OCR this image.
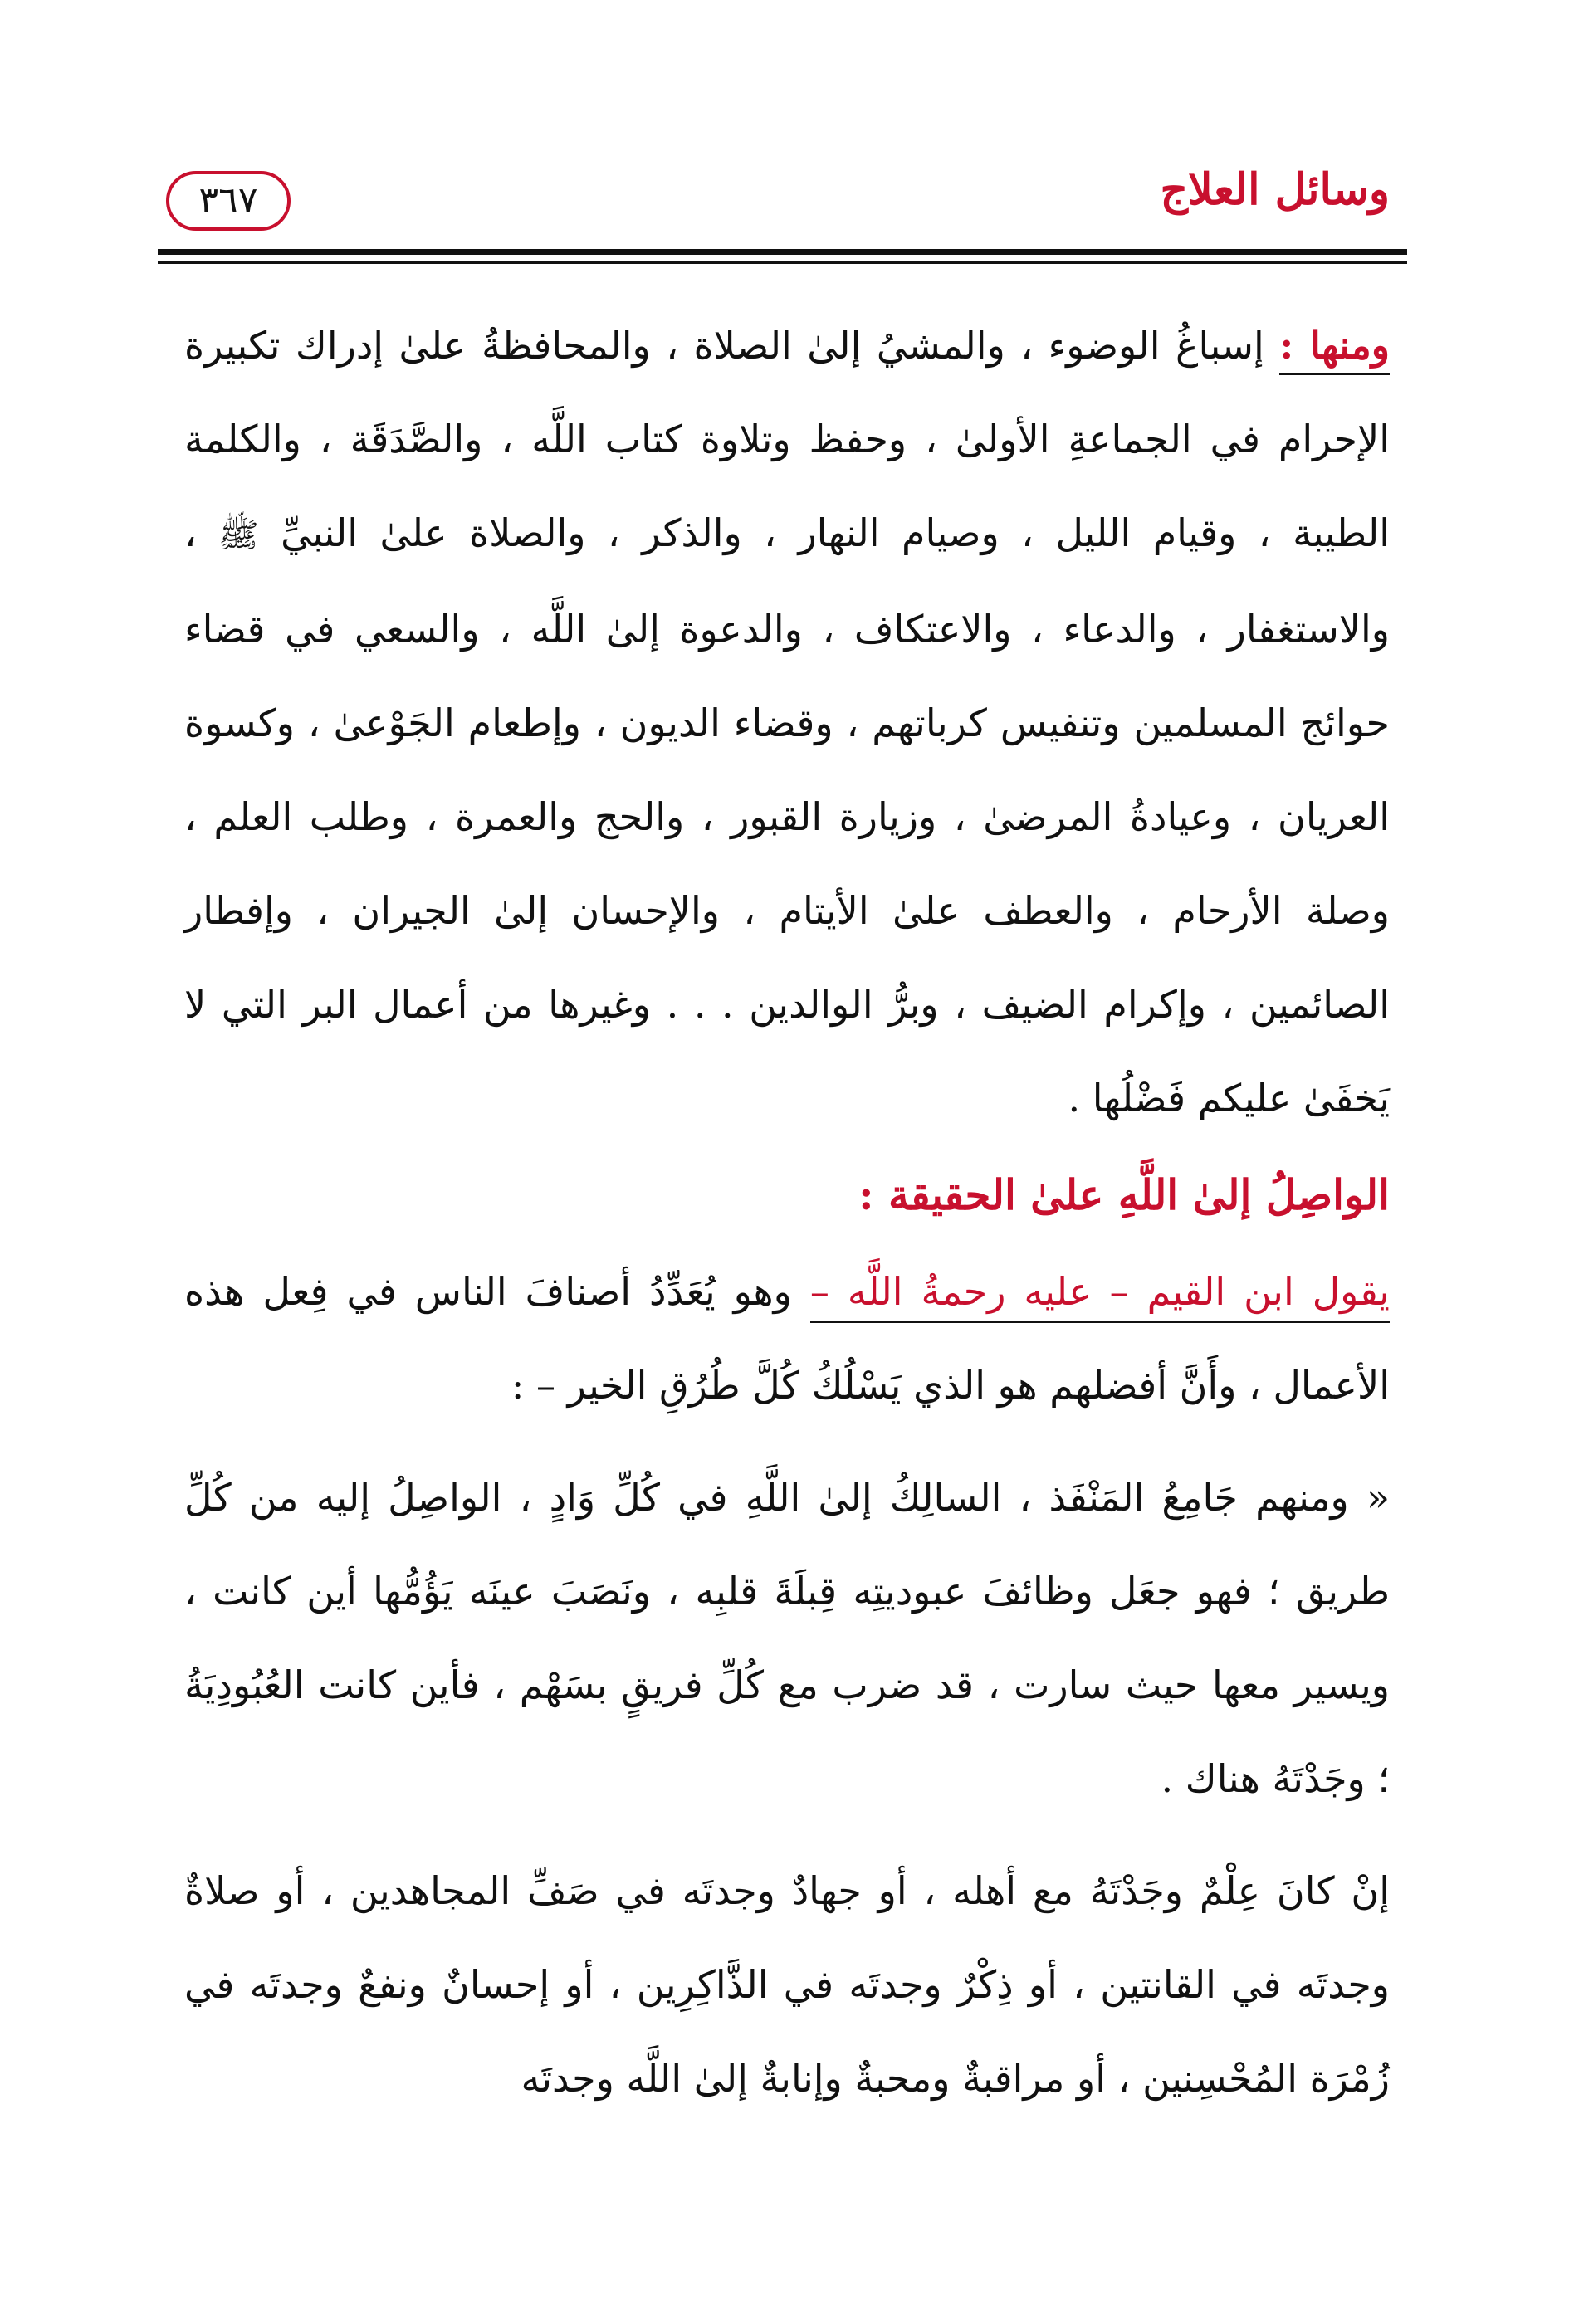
وسائل العلاج
٣٦٧

ومنها : إسباغُ الوضوء ، والمشيُ إلىٰ الصلاة ، والمحافظةُ علىٰ إدراك تكبيرة الإحرام في الجماعةِ الأولىٰ ، وحفظ وتلاوة كتاب اللَّه ، والصَّدَقَة ، والكلمة الطيبة ، وقيام الليل ، وصيام النهار ، والذكر ، والصلاة علىٰ النبيِّ ﷺ ، والاستغفار ، والدعاء ، والاعتكاف ، والدعوة إلىٰ اللَّه ، والسعي في قضاء حوائج المسلمين وتنفيس كرباتهم ، وقضاء الديون ، وإطعام الجَوْعىٰ ، وكسوة العريان ، وعيادةُ المرضىٰ ، وزيارة القبور ، والحج والعمرة ، وطلب العلم ، وصلة الأرحام ، والعطف علىٰ الأيتام ، والإحسان إلىٰ الجيران ، وإفطار الصائمين ، وإكرام الضيف ، وبرُّ الوالدين . . . وغيرها من أعمال البر التي لا يَخفَىٰ عليكم فَضْلُها .

الواصِلُ إلىٰ اللَّهِ علىٰ الحقيقة :

يقول ابن القيم – عليه رحمةُ اللَّه – وهو يُعَدِّدُ أصنافَ الناس في فِعل هذه الأعمال ، وأَنَّ أفضلهم هو الذي يَسْلُكُ كُلَّ طُرُقِ الخير – :

« ومنهم جَامِعُ المَنْفَذ ، السالِكُ إلىٰ اللَّهِ في كُلِّ وَادٍ ، الواصِلُ إليه من كُلِّ طريق ؛ فهو جعَل وظائفَ عبوديتِه قِبلَةَ قلبِه ، ونَصَبَ عينَه يَؤُمُّها أين كانت ، ويسير معها حيث سارت ، قد ضرب مع كُلِّ فريقٍ بسَهْم ، فأين كانت العُبُودِيَةُ ؛ وجَدْتَهُ هناك .

إنْ كانَ عِلْمٌ وجَدْتَهُ مع أهله ، أو جهادٌ وجدتَه في صَفِّ المجاهدين ، أو صلاةٌ وجدتَه في القانتين ، أو ذِكْرٌ وجدتَه في الذَّاكِرِين ، أو إحسانٌ ونفعٌ وجدتَه في زُمْرَة المُحْسِنين ، أو مراقبةٌ ومحبةٌ وإنابةٌ إلىٰ اللَّه وجدتَه
